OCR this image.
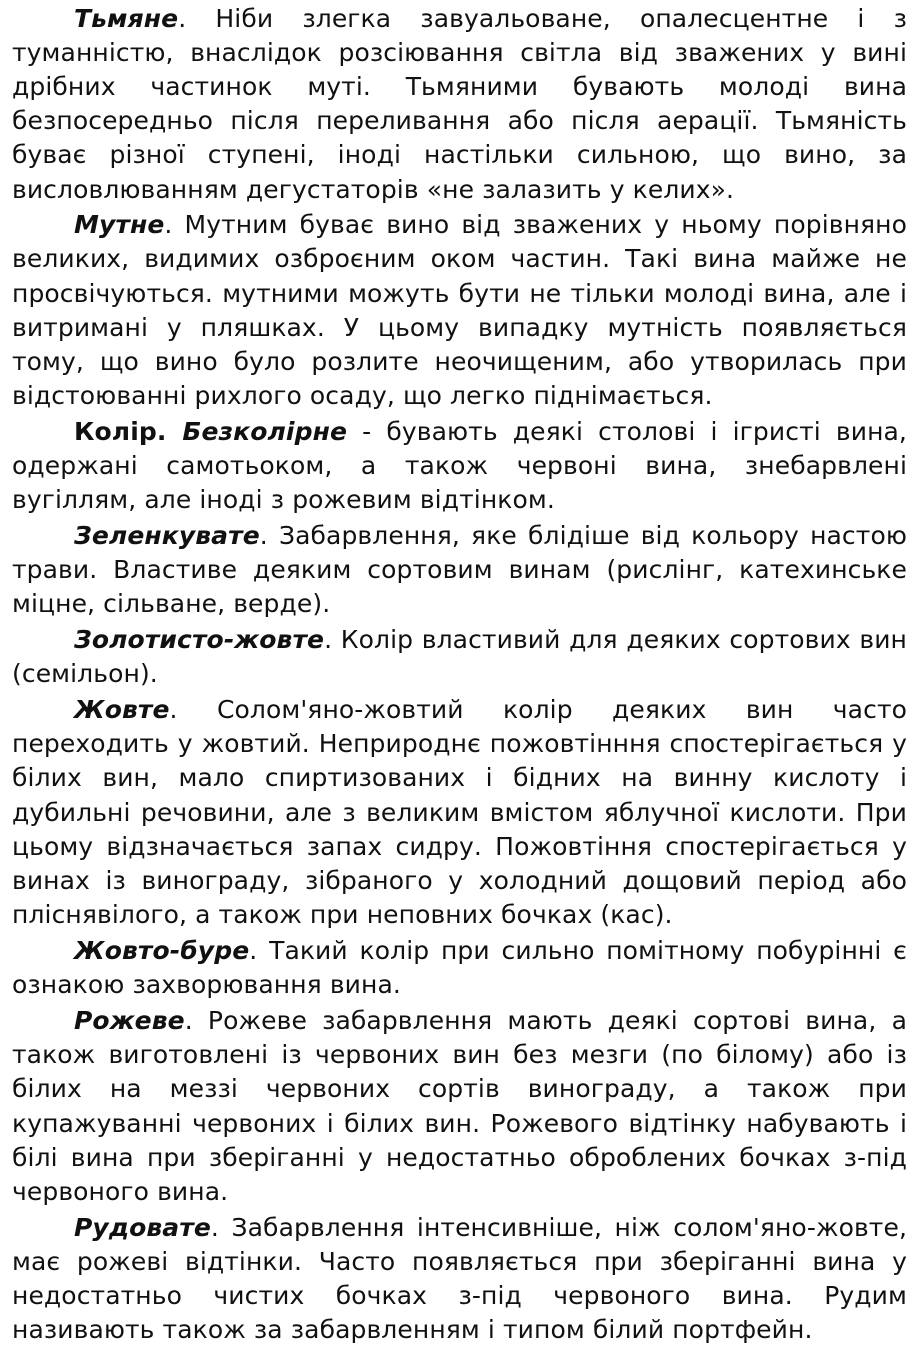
Тьмяне. Ніби злегка завуальоване, опалесцентне і з туманністю, внаслідок розсіювання світла від зважених у вині дрібних частинок муті. Тьмяними бувають молоді вина безпосередньо після переливання або після аерації. Тьмяність буває різної ступені, іноді настільки сильною, що вино, за висловлюванням дегустаторів «не залазить у келих».

Мутне. Мутним буває вино від зважених у ньому порівняно великих, видимих озброєним оком частин. Такі вина майже не просвічуються. мутними можуть бути не тільки молоді вина, але і витримані у пляшках. У цьому випадку мутність появляється тому, що вино було розлите неочищеним, або утворилась при відстоюванні рихлого осаду, що легко піднімається.

Колір. Безколірне - бувають деякі столові і ігристі вина, одержані самотьоком, а також червоні вина, знебарвлені вугіллям, але іноді з рожевим відтінком.

Зеленкувате. Забарвлення, яке блідіше від кольору настою трави. Властиве деяким сортовим винам (рислінг, катехинське міцне, сільване, верде).

Золотисто-жовте. Колір властивий для деяких сортових вин (семільон).

Жовте. Солом'яно-жовтий колір деяких вин часто переходить у жовтий. Неприроднє пожовтінння спостерігається у білих вин, мало спиртизованих і бідних на винну кислоту і дубильні речовини, але з великим вмістом яблучної кислоти. При цьому відзначається запах сидру. Пожовтіння спостерігається у винах із винограду, зібраного у холодний дощовий період або пліснявілого, а також при неповних бочках (кас).

Жовто-буре. Такий колір при сильно помітному побурінні є ознакою захворювання вина.

Рожеве. Рожеве забарвлення мають деякі сортові вина, а також виготовлені із червоних вин без мезги (по білому) або із білих на меззі червоних сортів винограду, а також при купажуванні червоних і білих вин. Рожевого відтінку набувають і білі вина при зберіганні у недостатньо оброблених бочках з-під червоного вина.

Рудовате. Забарвлення інтенсивніше, ніж солом'яно-жовте, має рожеві відтінки. Часто появляється при зберіганні вина у недостатньо чистих бочках з-під червоного вина. Рудим називають також за забарвленням і типом білий портфейн.
